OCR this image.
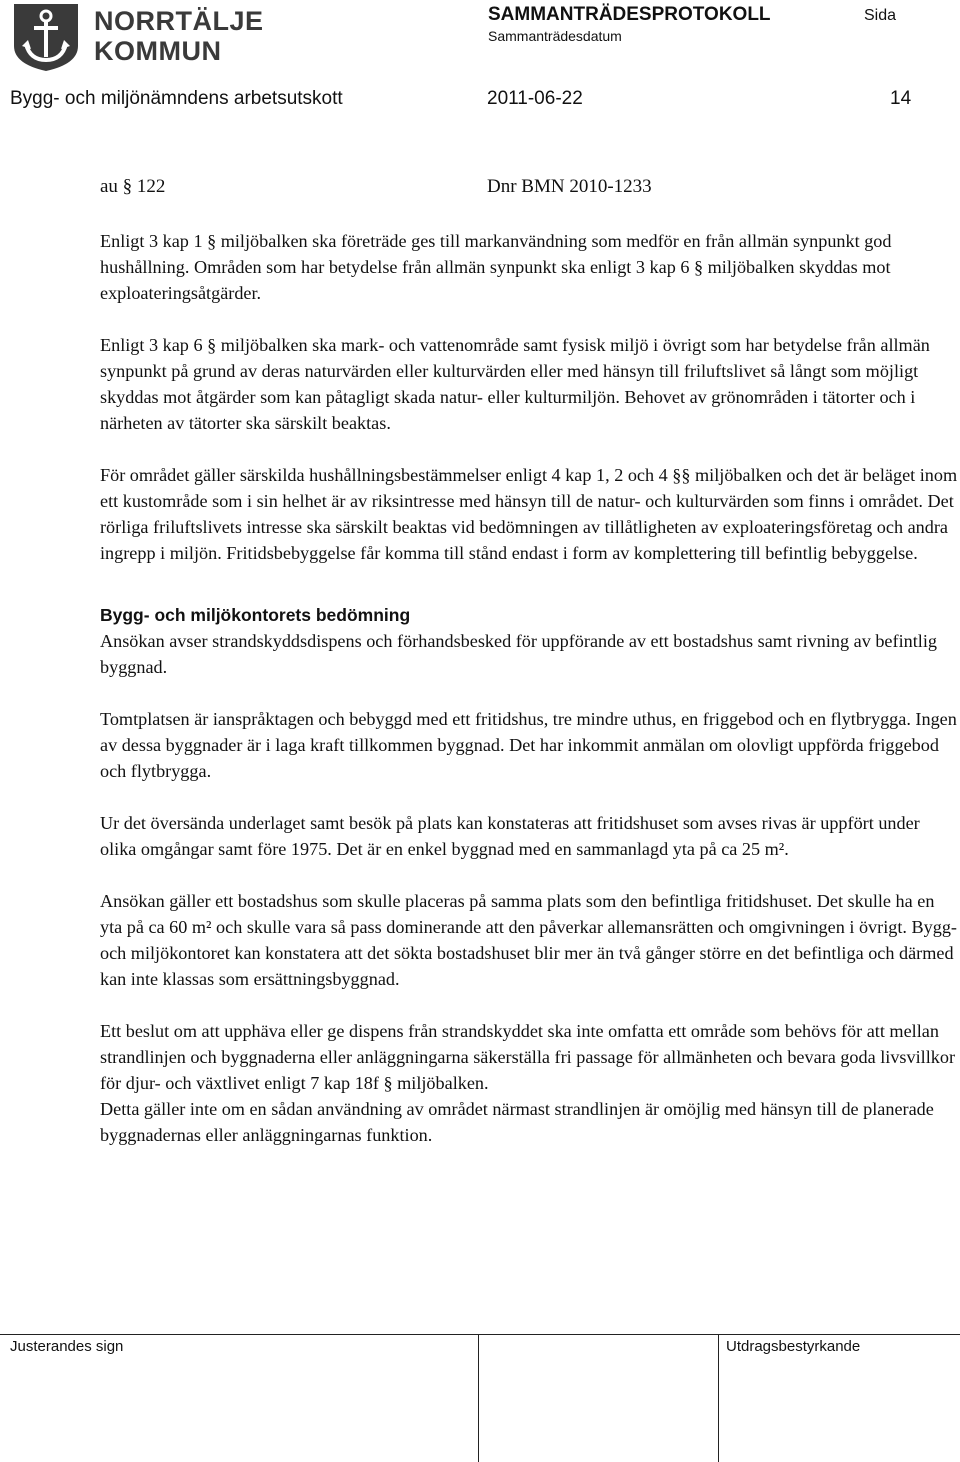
NORRTÄLJE
KOMMUN
SAMMANTRÄDESPROTOKOLL
Sammanträdesdatum
Sida
Bygg- och miljönämndens arbetsutskott	2011-06-22	14
au § 122	Dnr BMN 2010-1233

Enligt 3 kap 1 § miljöbalken ska företräde ges till markanvändning som medför en från allmän synpunkt god hushållning. Områden som har betydelse från allmän synpunkt ska enligt 3 kap 6 § miljöbalken skyddas mot exploateringsåtgärder.

Enligt 3 kap 6 § miljöbalken ska mark- och vattenområde samt fysisk miljö i övrigt som har betydelse från allmän synpunkt på grund av deras naturvärden eller kulturvärden eller med hänsyn till friluftslivet så långt som möjligt skyddas mot åtgärder som kan påtagligt skada natur- eller kulturmiljön. Behovet av grönområden i tätorter och i närheten av tätorter ska särskilt beaktas.

För området gäller särskilda hushållningsbestämmelser enligt 4 kap 1, 2 och 4 §§ miljöbalken och det är beläget inom ett kustområde som i sin helhet är av riksintresse med hänsyn till de natur- och kulturvärden som finns i området. Det rörliga friluftslivets intresse ska särskilt beaktas vid bedömningen av tillåtligheten av exploateringsföretag och andra ingrepp i miljön. Fritidsbebyggelse får komma till stånd endast i form av komplettering till befintlig bebyggelse.

Bygg- och miljökontorets bedömning

Ansökan avser strandskyddsdispens och förhandsbesked för uppförande av ett bostadshus samt rivning av befintlig byggnad.

Tomtplatsen är ianspråktagen och bebyggd med ett fritidshus, tre mindre uthus, en friggebod och en flytbrygga. Ingen av dessa byggnader är i laga kraft tillkommen byggnad. Det har inkommit anmälan om olovligt uppförda friggebod och flytbrygga.

Ur det översända underlaget samt besök på plats kan konstateras att fritidshuset som avses rivas är uppfört under olika omgångar samt före 1975. Det är en enkel byggnad med en sammanlagd yta på ca 25 m².

Ansökan gäller ett bostadshus som skulle placeras på samma plats som den befintliga fritidshuset. Det skulle ha en yta på ca 60 m² och skulle vara så pass dominerande att den påverkar allemansrätten och omgivningen i övrigt. Bygg- och miljökontoret kan konstatera att det sökta bostadshuset blir mer än två gånger större en det befintliga och därmed kan inte klassas som ersättningsbyggnad.

Ett beslut om att upphäva eller ge dispens från strandskyddet ska inte omfatta ett område som behövs för att mellan strandlinjen och byggnaderna eller anläggningarna säkerställa fri passage för allmänheten och bevara goda livsvillkor för djur- och växtlivet enligt 7 kap 18f § miljöbalken.

Detta gäller inte om en sådan användning av området närmast strandlinjen är omöjlig med hänsyn till de planerade byggnadernas eller anläggningarnas funktion.

Justerandes sign	Utdragsbestyrkande
